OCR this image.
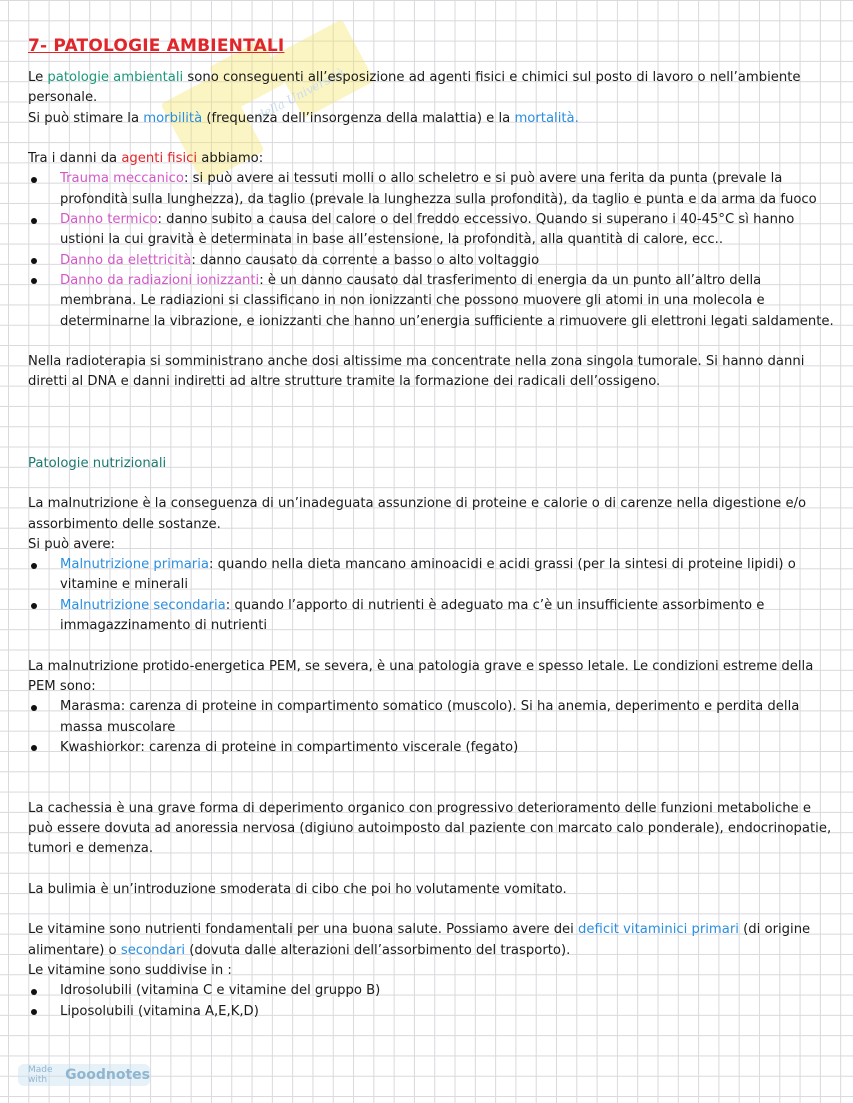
della Università
7- PATOLOGIE AMBIENTALI

Le patologie ambientali sono conseguenti all’esposizione ad agenti fisici e chimici sul posto di lavoro o nell’ambiente personale.

Si può stimare la morbilità (frequenza dell’insorgenza della malattia) e la mortalità.

Tra i danni da agenti fisici abbiamo:

Trauma meccanico: si può avere ai tessuti molli o allo scheletro e si può avere una ferita da punta (prevale la profondità sulla lunghezza), da taglio (prevale la lunghezza sulla profondità), da taglio e punta e da arma da fuoco
Danno termico: danno subito a causa del calore o del freddo eccessivo. Quando si superano i 40-45°C sì hanno ustioni la cui gravità è determinata in base all’estensione, la profondità, alla quantità di calore, ecc..
Danno da elettricità: danno causato da corrente a basso o alto voltaggio
Danno da radiazioni ionizzanti: è un danno causato dal trasferimento di energia da un punto all’altro della membrana. Le radiazioni si classificano in non ionizzanti che possono muovere gli atomi in una molecola e determinarne la vibrazione, e ionizzanti che hanno un’energia sufficiente a rimuovere gli elettroni legati saldamente.

Nella radioterapia si somministrano anche dosi altissime ma concentrate nella zona singola tumorale. Si hanno danni diretti al DNA e danni indiretti ad altre strutture tramite la formazione dei radicali dell’ossigeno.

Patologie nutrizionali

La malnutrizione è la conseguenza di un’inadeguata assunzione di proteine e calorie o di carenze nella digestione e/o assorbimento delle sostanze.

Si può avere:

Malnutrizione primaria: quando nella dieta mancano aminoacidi e acidi grassi (per la sintesi di proteine lipidi) o vitamine e minerali
Malnutrizione secondaria: quando l’apporto di nutrienti è adeguato ma c’è un insufficiente assorbimento e immagazzinamento di nutrienti

La malnutrizione protido-energetica PEM, se severa, è una patologia grave e spesso letale. Le condizioni estreme della PEM sono:

Marasma: carenza di proteine in compartimento somatico (muscolo). Si ha anemia, deperimento e perdita della massa muscolare
Kwashiorkor: carenza di proteine in compartimento viscerale (fegato)

La cachessia è una grave forma di deperimento organico con progressivo deterioramento delle funzioni metaboliche e può essere dovuta ad anoressia nervosa (digiuno autoimposto dal paziente con marcato calo ponderale), endocrinopatie, tumori e demenza.

La bulimia è un’introduzione smoderata di cibo che poi ho volutamente vomitato.

Le vitamine sono nutrienti fondamentali per una buona salute. Possiamo avere dei deficit vitaminici primari (di origine alimentare) o secondari (dovuta dalle alterazioni dell’assorbimento del trasporto).

Le vitamine sono suddivise in :

Idrosolubili (vitamina C e vitamine del gruppo B)
Liposolubili (vitamina A,E,K,D)
Made with	Goodnotes
